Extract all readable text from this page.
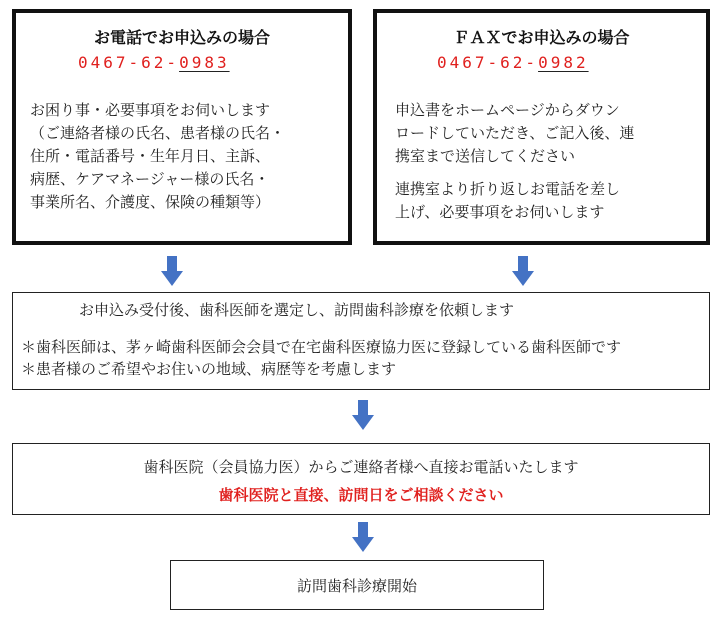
お電話でお申込みの場合
0467-62-0983

お困り事・必要事項をお伺いします

（ご連絡者様の氏名、患者様の氏名・

住所・電話番号・生年月日、主訴、

病歴、ケアマネージャー様の氏名・

事業所名、介護度、保険の種類等）

ＦＡＸでお申込みの場合
0467-62-0982

申込書をホームページからダウン

ロードしていただき、ご記入後、連

携室まで送信してください

連携室より折り返しお電話を差し

上げ、必要事項をお伺いします

お申込み受付後、歯科医師を選定し、訪問歯科診療を依頼します
＊歯科医師は、茅ヶ崎歯科医師会会員で在宅歯科医療協力医に登録している歯科医師です
＊患者様のご希望やお住いの地域、病歴等を考慮します
歯科医院（会員協力医）からご連絡者様へ直接お電話いたします
歯科医院と直接、訪問日をご相談ください
訪問歯科診療開始
